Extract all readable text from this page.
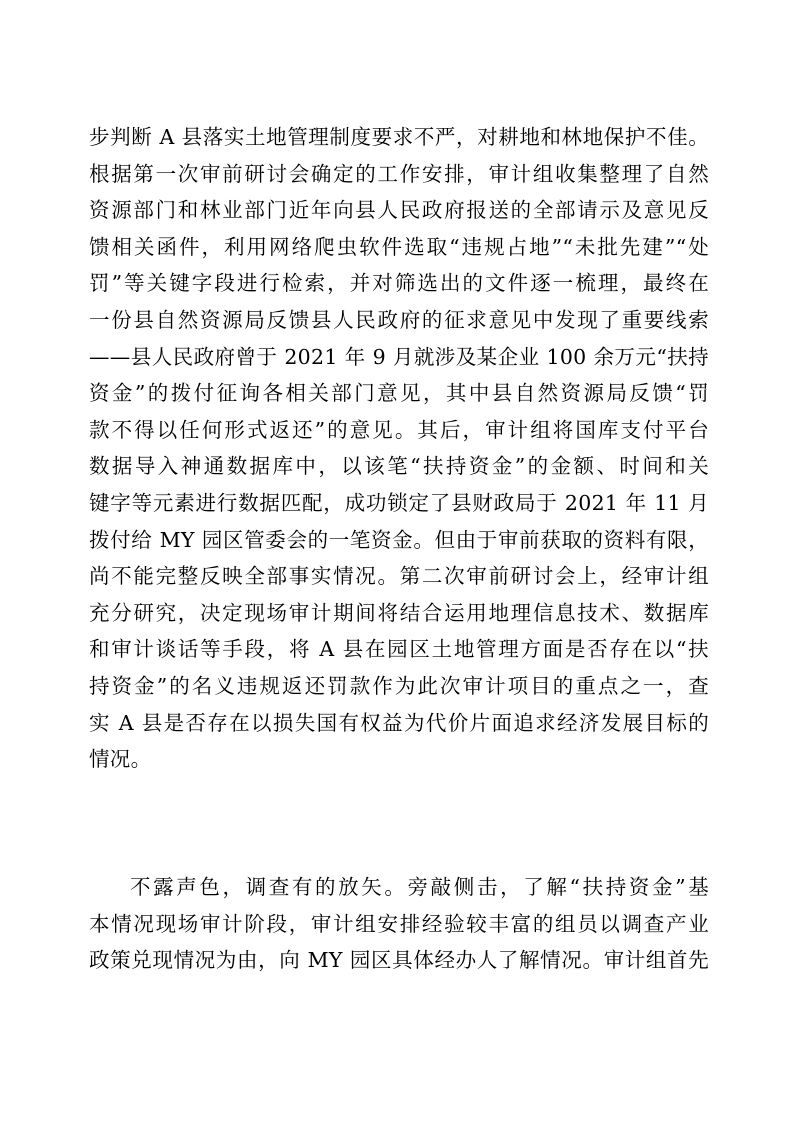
步判断 A 县落实土地管理制度要求不严，对耕地和林地保护不佳。
根据第一次审前研讨会确定的工作安排，审计组收集整理了自然
资源部门和林业部门近年向县人民政府报送的全部请示及意见反
馈相关函件，利用网络爬虫软件选取“违规占地”“未批先建”“处
罚”等关键字段进行检索，并对筛选出的文件逐一梳理，最终在
一份县自然资源局反馈县人民政府的征求意见中发现了重要线索
——县人民政府曾于 2021 年 9 月就涉及某企业 100 余万元“扶持
资金”的拨付征询各相关部门意见，其中县自然资源局反馈“罚
款不得以任何形式返还”的意见。其后，审计组将国库支付平台
数据导入神通数据库中，以该笔“扶持资金”的金额、时间和关
键字等元素进行数据匹配，成功锁定了县财政局于 2021 年 11 月
拨付给 MY 园区管委会的一笔资金。但由于审前获取的资料有限，
尚不能完整反映全部事实情况。第二次审前研讨会上，经审计组
充分研究，决定现场审计期间将结合运用地理信息技术、数据库
和审计谈话等手段，将 A 县在园区土地管理方面是否存在以“扶
持资金”的名义违规返还罚款作为此次审计项目的重点之一，查
实 A 县是否存在以损失国有权益为代价片面追求经济发展目标的
情况。
不露声色，调查有的放矢。旁敲侧击，了解“扶持资金”基
本情况现场审计阶段，审计组安排经验较丰富的组员以调查产业
政策兑现情况为由，向 MY 园区具体经办人了解情况。审计组首先
